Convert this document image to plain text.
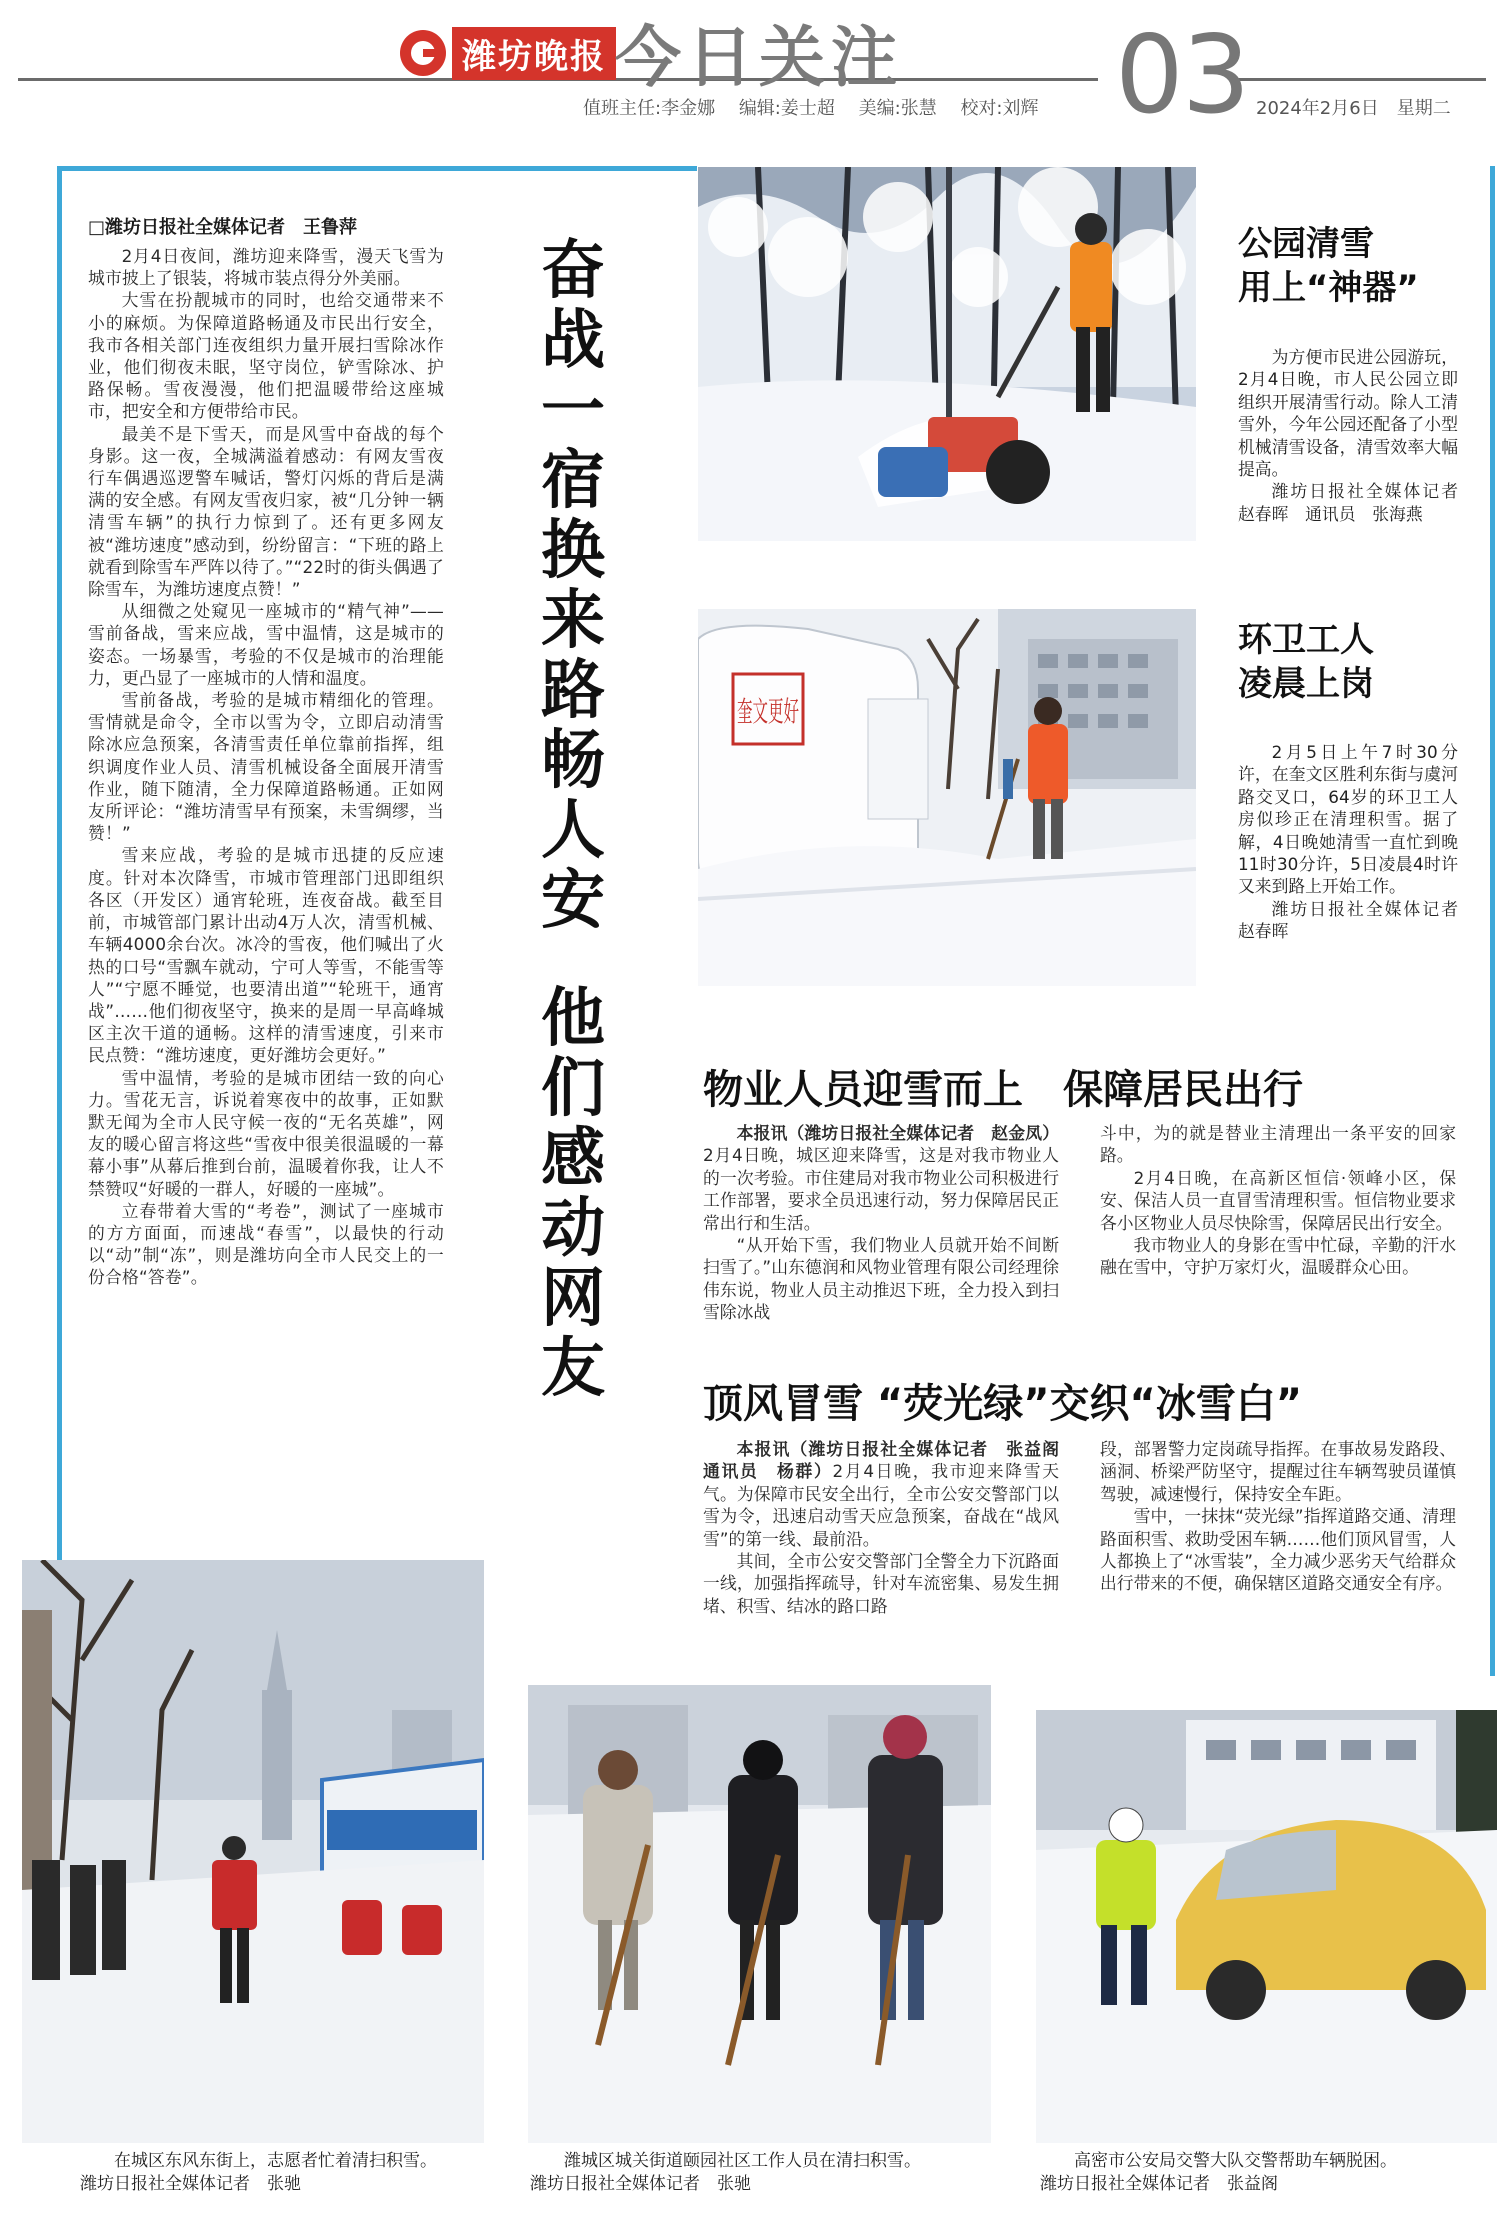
潍坊晚报 今日关注 03
值班主任:李金娜 编辑:姜士超 美编:张慧 校对:刘辉	2024年2月6日　星期二
□潍坊日报社全媒体记者　王鲁萍

2月4日夜间，潍坊迎来降雪，漫天飞雪为城市披上了银装，将城市装点得分外美丽。

大雪在扮靓城市的同时，也给交通带来不小的麻烦。为保障道路畅通及市民出行安全，我市各相关部门连夜组织力量开展扫雪除冰作业，他们彻夜未眠，坚守岗位，铲雪除冰、护路保畅。雪夜漫漫，他们把温暖带给这座城市，把安全和方便带给市民。

最美不是下雪天，而是风雪中奋战的每个身影。这一夜，全城满溢着感动：有网友雪夜行车偶遇巡逻警车喊话，警灯闪烁的背后是满满的安全感。有网友雪夜归家，被“几分钟一辆清雪车辆”的执行力惊到了。还有更多网友被“潍坊速度”感动到，纷纷留言：“下班的路上就看到除雪车严阵以待了。”“22时的街头偶遇了除雪车，为潍坊速度点赞！”

从细微之处窥见一座城市的“精气神”——雪前备战，雪来应战，雪中温情，这是城市的姿态。一场暴雪，考验的不仅是城市的治理能力，更凸显了一座城市的人情和温度。

雪前备战，考验的是城市精细化的管理。雪情就是命令，全市以雪为令，立即启动清雪除冰应急预案，各清雪责任单位靠前指挥，组织调度作业人员、清雪机械设备全面展开清雪作业，随下随清，全力保障道路畅通。正如网友所评论：“潍坊清雪早有预案，未雪绸缪，当赞！”

雪来应战，考验的是城市迅捷的反应速度。针对本次降雪，市城市管理部门迅即组织各区（开发区）通宵轮班，连夜奋战。截至目前，市城管部门累计出动4万人次，清雪机械、车辆4000余台次。冰冷的雪夜，他们喊出了火热的口号“雪飘车就动，宁可人等雪，不能雪等人”“宁愿不睡觉，也要清出道”“轮班干，通宵战”……他们彻夜坚守，换来的是周一早高峰城区主次干道的通畅。这样的清雪速度，引来市民点赞：“潍坊速度，更好潍坊会更好。”

雪中温情，考验的是城市团结一致的向心力。雪花无言，诉说着寒夜中的故事，正如默默无闻为全市人民守候一夜的“无名英雄”，网友的暖心留言将这些“雪夜中很美很温暖的一幕幕小事”从幕后推到台前，温暖着你我，让人不禁赞叹“好暖的一群人，好暖的一座城”。

立春带着大雪的“考卷”，测试了一座城市的方方面面，而速战“春雪”，以最快的行动以“动”制“冻”，则是潍坊向全市人民交上的一份合格“答卷”。

奋战一宿换来路畅人安
他们感动网友
公园清雪
用上“神器”

为方便市民进公园游玩，2月4日晚，市人民公园立即组织开展清雪行动。除人工清雪外，今年公园还配备了小型机械清雪设备，清雪效率大幅提高。

潍坊日报社全媒体记者 赵春晖　通讯员　张海燕

奎文更好
环卫工人
凌晨上岗

2月5日上午7时30分许，在奎文区胜利东街与虞河路交叉口，64岁的环卫工人房似珍正在清理积雪。据了解，4日晚她清雪一直忙到晚11时30分许，5日凌晨4时许又来到路上开始工作。

潍坊日报社全媒体记者 赵春晖

物业人员迎雪而上　保障居民出行

本报讯（潍坊日报社全媒体记者　赵金凤）2月4日晚，城区迎来降雪，这是对我市物业人的一次考验。市住建局对我市物业公司积极进行工作部署，要求全员迅速行动，努力保障居民正常出行和生活。

“从开始下雪，我们物业人员就开始不间断扫雪了。”山东德润和风物业管理有限公司经理徐伟东说，物业人员主动推迟下班，全力投入到扫雪除冰战

斗中，为的就是替业主清理出一条平安的回家路。

2月4日晚，在高新区恒信·领峰小区，保安、保洁人员一直冒雪清理积雪。恒信物业要求各小区物业人员尽快除雪，保障居民出行安全。

我市物业人的身影在雪中忙碌，辛勤的汗水融在雪中，守护万家灯火，温暖群众心田。

顶风冒雪 “荧光绿”交织“冰雪白”

本报讯（潍坊日报社全媒体记者　张益阁　通讯员　杨群）2月4日晚，我市迎来降雪天气。为保障市民安全出行，全市公安交警部门以雪为令，迅速启动雪天应急预案，奋战在“战风雪”的第一线、最前沿。

其间，全市公安交警部门全警全力下沉路面一线，加强指挥疏导，针对车流密集、易发生拥堵、积雪、结冰的路口路

段，部署警力定岗疏导指挥。在事故易发路段、涵洞、桥梁严防坚守，提醒过往车辆驾驶员谨慎驾驶，减速慢行，保持安全车距。

雪中，一抹抹“荧光绿”指挥道路交通、清理路面积雪、救助受困车辆……他们顶风冒雪，人人都换上了“冰雪装”，全力减少恶劣天气给群众出行带来的不便，确保辖区道路交通安全有序。

在城区东风东街上，志愿者忙着清扫积雪。
潍坊日报社全媒体记者　张驰
潍城区城关街道颐园社区工作人员在清扫积雪。
潍坊日报社全媒体记者　张驰
高密市公安局交警大队交警帮助车辆脱困。
潍坊日报社全媒体记者　张益阁
